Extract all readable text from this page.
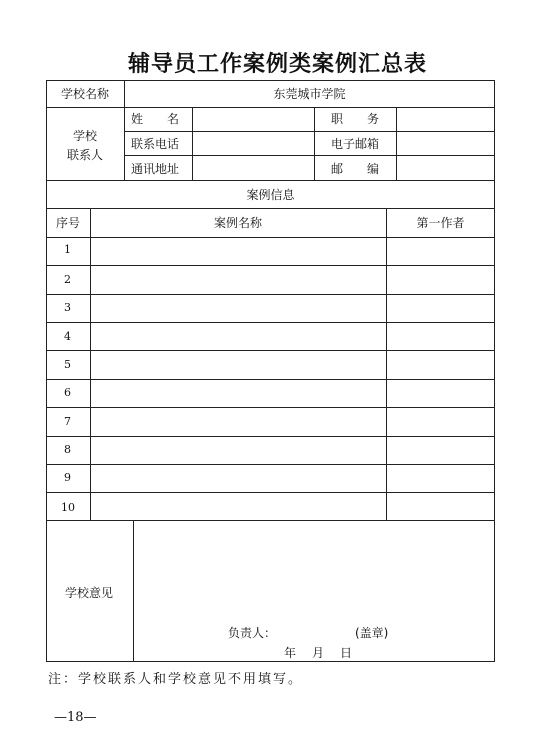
辅导员工作案例类案例汇总表
学校名称	东莞城市学院
学校
联系人
姓　　名	职　　务
联系电话	电子邮箱
通讯地址	邮　　编
案例信息
序号	案例名称	第一作者
1
2
3
4
5
6
7
8
9
10
学校意见
负责人：	(盖章)
年　月　日
注：学校联系人和学校意见不用填写。
—18—
